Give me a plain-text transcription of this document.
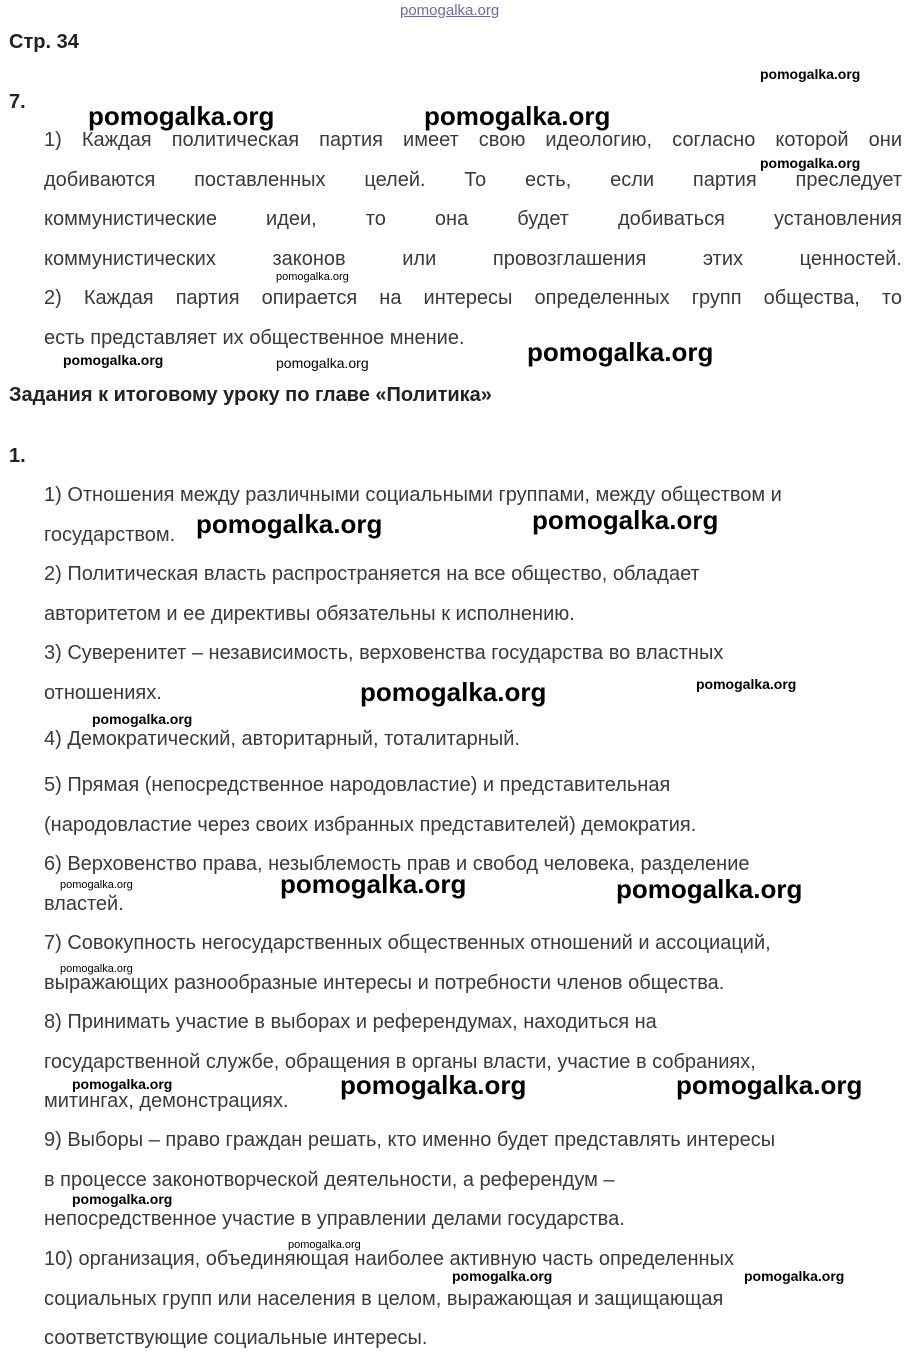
pomogalka.org
Стр. 34
7.
1) Каждая политическая партия имеет свою идеологию, согласно которой они
добиваются поставленных целей. То есть, если партия преследует
коммунистические идеи, то она будет добиваться установления
коммунистических законов или провозглашения этих ценностей.
2) Каждая партия опирается на интересы определенных групп общества, то
есть представляет их общественное мнение.
Задания к итоговому уроку по главе «Политика»
1.
1) Отношения между различными социальными группами, между обществом и
государством.
2) Политическая власть распространяется на все общество, обладает
авторитетом и ее директивы обязательны к исполнению.
3) Суверенитет – независимость, верховенства государства во властных
отношениях.
4) Демократический, авторитарный, тоталитарный.
5) Прямая (непосредственное народовластие) и представительная
(народовластие через своих избранных представителей) демократия.
6) Верховенство права, незыблемость прав и свобод человека, разделение
властей.
7) Совокупность негосударственных общественных отношений и ассоциаций,
выражающих разнообразные интересы и потребности членов общества.
8) Принимать участие в выборах и референдумах, находиться на
государственной службе, обращения в органы власти, участие в собраниях,
митингах, демонстрациях.
9) Выборы – право граждан решать, кто именно будет представлять интересы
в процессе законотворческой деятельности, а референдум –
непосредственное участие в управлении делами государства.
10) организация, объединяющая наиболее активную часть определенных
социальных групп или населения в целом, выражающая и защищающая
соответствующие социальные интересы.
pomogalka.org	pomogalka.org
pomogalka.org
pomogalka.org
pomogalka.org
pomogalka.org	pomogalka.org	pomogalka.org
pomogalka.org	pomogalka.org
pomogalka.org	pomogalka.org
pomogalka.org
pomogalka.org	pomogalka.org	pomogalka.org
pomogalka.org
pomogalka.org	pomogalka.org	pomogalka.org
pomogalka.org
pomogalka.org
pomogalka.org	pomogalka.org
